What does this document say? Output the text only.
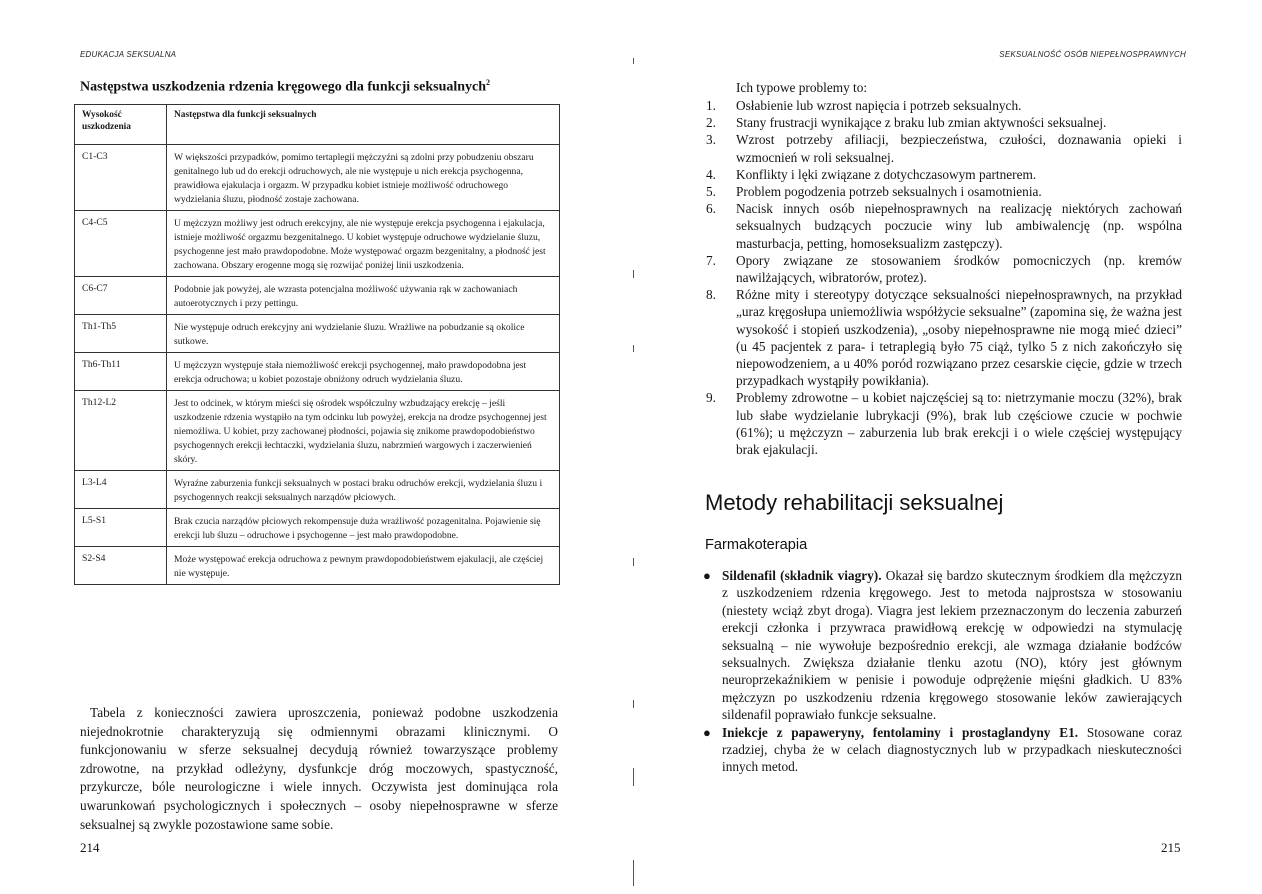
EDUKACJA SEKSUALNA	SEKSUALNOŚĆ OSÓB NIEPEŁNOSPRAWNYCH
Następstwa uszkodzenia rdzenia kręgowego dla funkcji seksualnych$^2$
Wysokość uszkodzenia	Następstwa dla funkcji seksualnych
C1-C3	W większości przypadków, pomimo tertaplegii mężczyźni są zdolni przy pobudzeniu obszaru genitalnego lub ud do erekcji odruchowych, ale nie występuje u nich erekcja psychogenna, prawidłowa ejakulacja i orgazm. W przypadku kobiet istnieje możliwość odruchowego wydzielania śluzu, płodność zostaje zachowana.
C4-C5	U mężczyzn możliwy jest odruch erekcyjny, ale nie występuje erekcja psychogenna i ejakulacja, istnieje możliwość orgazmu bezgenitalnego. U kobiet występuje odruchowe wydzielanie śluzu, psychogenne jest mało prawdopodobne. Może występować orgazm bezgenitalny, a płodność jest zachowana. Obszary erogenne mogą się rozwijać poniżej linii uszkodzenia.
C6-C7	Podobnie jak powyżej, ale wzrasta potencjalna możliwość używania rąk w zachowaniach autoerotycznych i przy pettingu.
Th1-Th5	Nie występuje odruch erekcyjny ani wydzielanie śluzu. Wrażliwe na pobudzanie są okolice sutkowe.
Th6-Th11	U mężczyzn występuje stała niemożliwość erekcji psychogennej, mało prawdopodobna jest erekcja odruchowa; u kobiet pozostaje obniżony odruch wydzielania śluzu.
Th12-L2	Jest to odcinek, w którym mieści się ośrodek współczulny wzbudzający erekcję – jeśli uszkodzenie rdzenia wystąpiło na tym odcinku lub powyżej, erekcja na drodze psychogennej jest niemożliwa. U kobiet, przy zachowanej płodności, pojawia się znikome prawdopodobieństwo psychogennych erekcji łechtaczki, wydzielania śluzu, nabrzmień wargowych i zaczerwienień skóry.
L3-L4	Wyraźne zaburzenia funkcji seksualnych w postaci braku odruchów erekcji, wydzielania śluzu i psychogennych reakcji seksualnych narządów płciowych.
L5-S1	Brak czucia narządów płciowych rekompensuje duża wrażliwość pozagenitalna. Pojawienie się erekcji lub śluzu – odruchowe i psychogenne – jest mało prawdopodobne.
S2-S4	Może występować erekcja odruchowa z pewnym prawdopodobieństwem ejakulacji, ale częściej nie występuje.

Tabela z konieczności zawiera uproszczenia, ponieważ podobne uszkodzenia niejednokrotnie charakteryzują się odmiennymi obrazami klinicznymi. O funkcjonowaniu w sferze seksualnej decydują również towarzyszące problemy zdrowotne, na przykład odleżyny, dysfunkcje dróg moczowych, spastyczność, przykurcze, bóle neurologiczne i wiele innych. Oczywista jest dominująca rola uwarunkowań psychologicznych i społecznych – osoby niepełnosprawne w sferze seksualnej są zwykle pozostawione same sobie.

214
Ich typowe problemy to:
1. Osłabienie lub wzrost napięcia i potrzeb seksualnych.
2. Stany frustracji wynikające z braku lub zmian aktywności seksualnej.
3. Wzrost potrzeby afiliacji, bezpieczeństwa, czułości, doznawania opieki i wzmocnień w roli seksualnej.
4. Konflikty i lęki związane z dotychczasowym partnerem.
5. Problem pogodzenia potrzeb seksualnych i osamotnienia.
6. Nacisk innych osób niepełnosprawnych na realizację niektórych zachowań seksualnych budzących poczucie winy lub ambiwalencję (np. wspólna masturbacja, petting, homoseksualizm zastępczy).
7. Opory związane ze stosowaniem środków pomocniczych (np. kremów nawilżających, wibratorów, protez).
8. Różne mity i stereotypy dotyczące seksualności niepełnosprawnych, na przykład „uraz kręgosłupa uniemożliwia współżycie seksualne” (zapomina się, że ważna jest wysokość i stopień uszkodzenia), „osoby niepełnosprawne nie mogą mieć dzieci” (u 45 pacjentek z para- i tetraplegią było 75 ciąż, tylko 5 z nich zakończyło się niepowodzeniem, a u 40% poród rozwiązano przez cesarskie cięcie, gdzie w trzech przypadkach wystąpiły powikłania).
9. Problemy zdrowotne – u kobiet najczęściej są to: nietrzymanie moczu (32%), brak lub słabe wydzielanie lubrykacji (9%), brak lub częściowe czucie w pochwie (61%); u mężczyzn – zaburzenia lub brak erekcji i o wiele częściej występujący brak ejakulacji.
Metody rehabilitacji seksualnej
Farmakoterapia
● Sildenafil (składnik viagry). Okazał się bardzo skutecznym środkiem dla mężczyzn z uszkodzeniem rdzenia kręgowego. Jest to metoda najprostsza w stosowaniu (niestety wciąż zbyt droga). Viagra jest lekiem przeznaczonym do leczenia zaburzeń erekcji członka i przywraca prawidłową erekcję w odpowiedzi na stymulację seksualną – nie wywołuje bezpośrednio erekcji, ale wzmaga działanie bodźców seksualnych. Zwiększa działanie tlenku azotu (NO), który jest głównym neuroprzekaźnikiem w penisie i powoduje odprężenie mięśni gładkich. U 83% mężczyzn po uszkodzeniu rdzenia kręgowego stosowanie leków zawierających sildenafil poprawiało funkcje seksualne.
● Iniekcje z papaweryny, fentolaminy i prostaglandyny E1. Stosowane coraz rzadziej, chyba że w celach diagnostycznych lub w przypadkach nieskuteczności innych metod.
215
